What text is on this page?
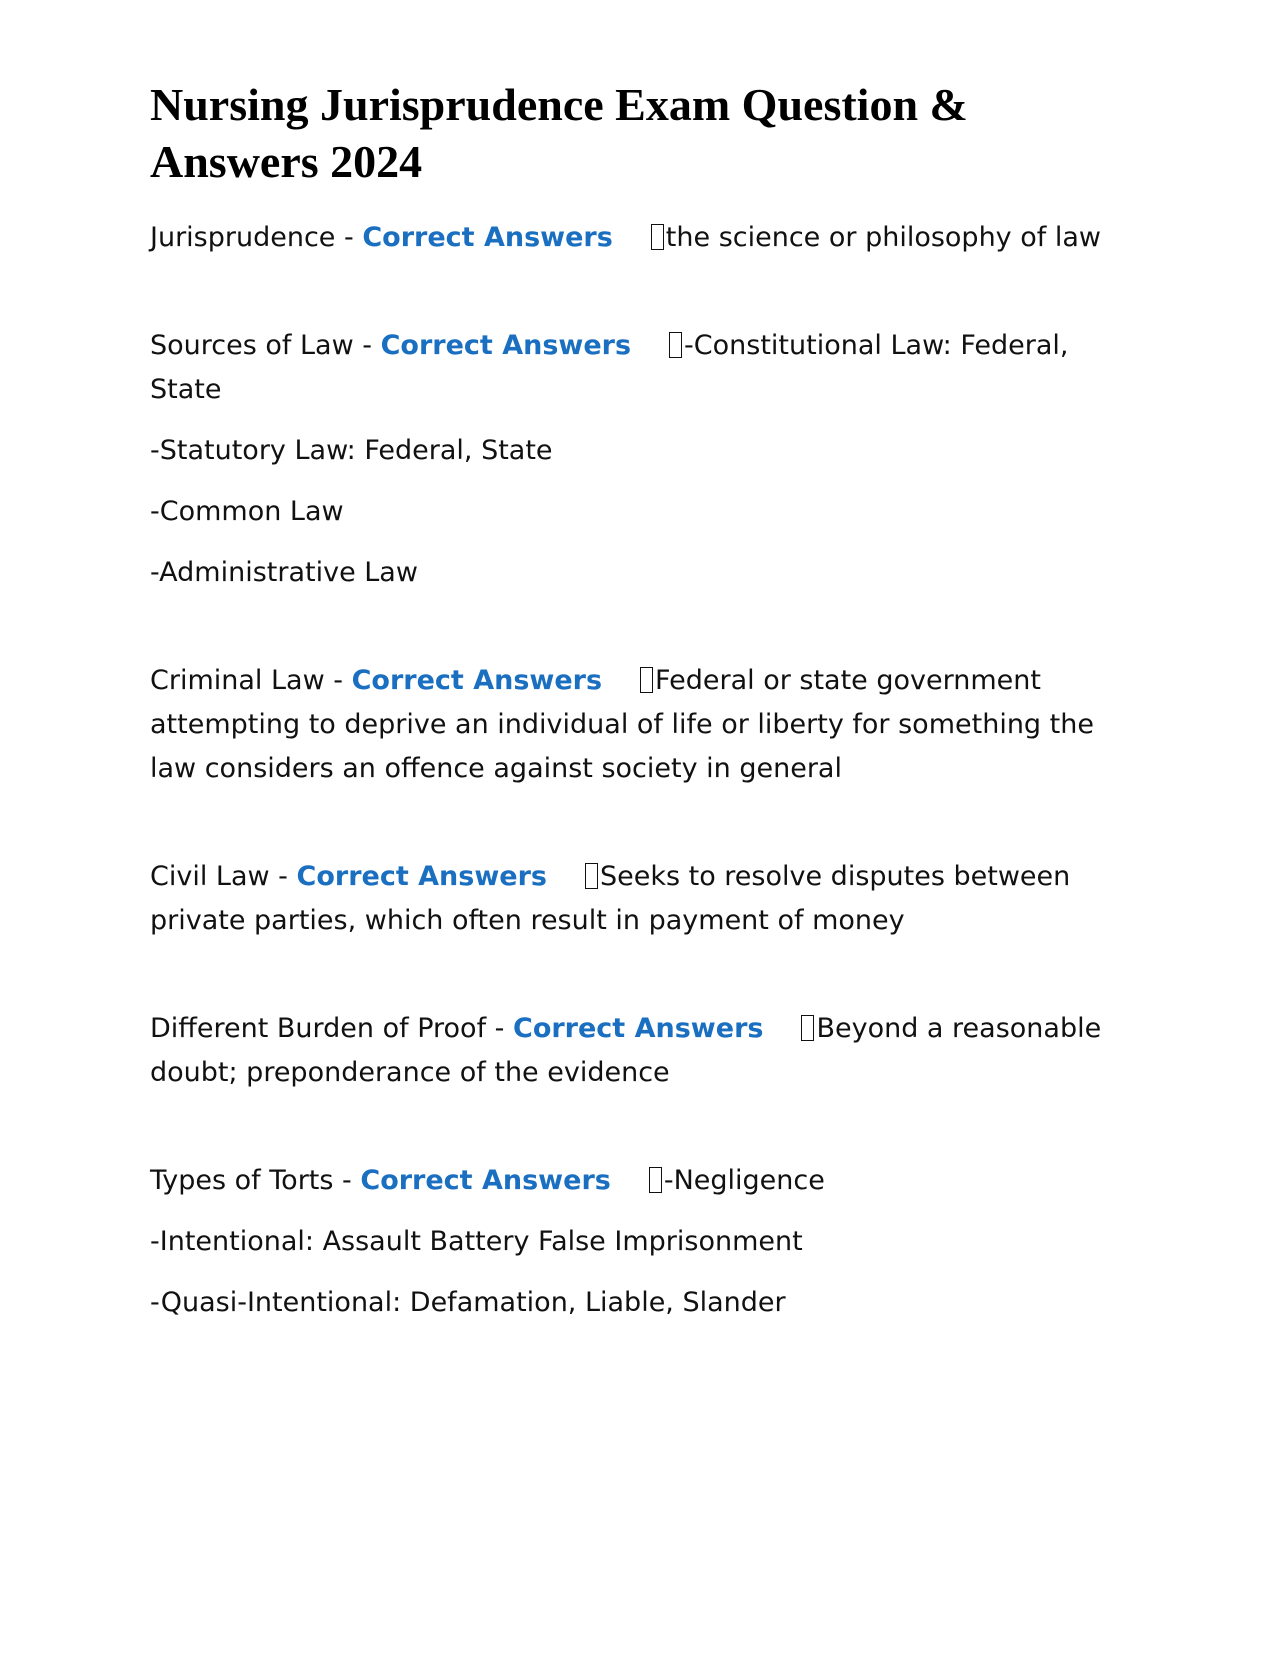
Nursing Jurisprudence Exam Question & Answers 2024

Jurisprudence - Correct Answers the science or philosophy of law

Sources of Law - Correct Answers -Constitutional Law: Federal, State

-Statutory Law: Federal, State

-Common Law

-Administrative Law

Criminal Law - Correct Answers Federal or state government attempting to deprive an individual of life or liberty for something the law considers an offence against society in general

Civil Law - Correct Answers Seeks to resolve disputes between private parties, which often result in payment of money

Different Burden of Proof - Correct Answers Beyond a reasonable doubt; preponderance of the evidence

Types of Torts - Correct Answers -Negligence

-Intentional: Assault Battery False Imprisonment

-Quasi-Intentional: Defamation, Liable, Slander
